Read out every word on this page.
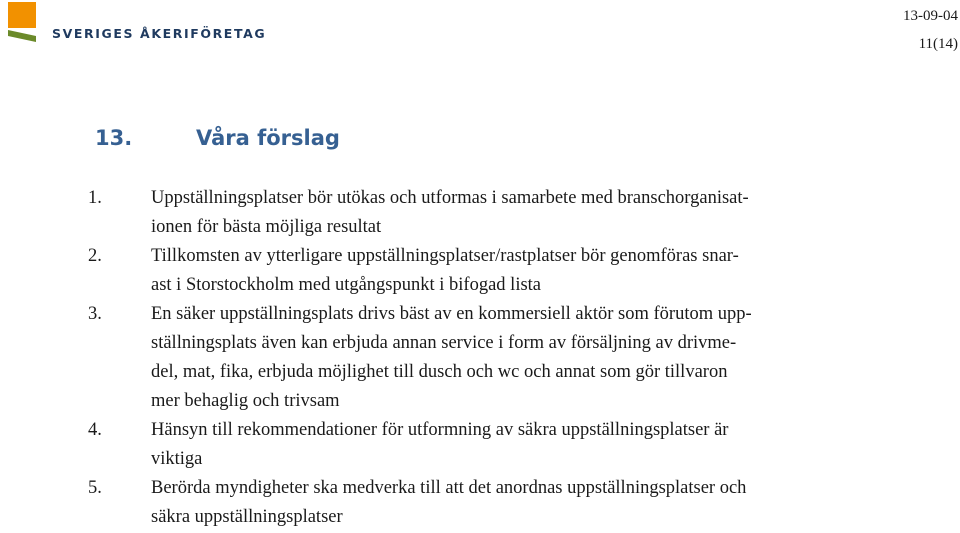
SVERIGES ÅKERIFÖRETAG
13-09-04
11(14)
13.	Våra förslag
1.	Uppställningsplatser bör utökas och utformas i samarbete med branschorganisat-
ionen för bästa möjliga resultat
2.	Tillkomsten av ytterligare uppställningsplatser/rastplatser bör genomföras snar-
ast i Storstockholm med utgångspunkt i bifogad lista
3.	En säker uppställningsplats drivs bäst av en kommersiell aktör som förutom upp-
ställningsplats även kan erbjuda annan service i form av försäljning av drivme-
del, mat, fika, erbjuda möjlighet till dusch och wc och annat som gör tillvaron
mer behaglig och trivsam
4.	Hänsyn till rekommendationer för utformning av säkra uppställningsplatser är
viktiga
5.	Berörda myndigheter ska medverka till att det anordnas uppställningsplatser och
säkra uppställningsplatser
